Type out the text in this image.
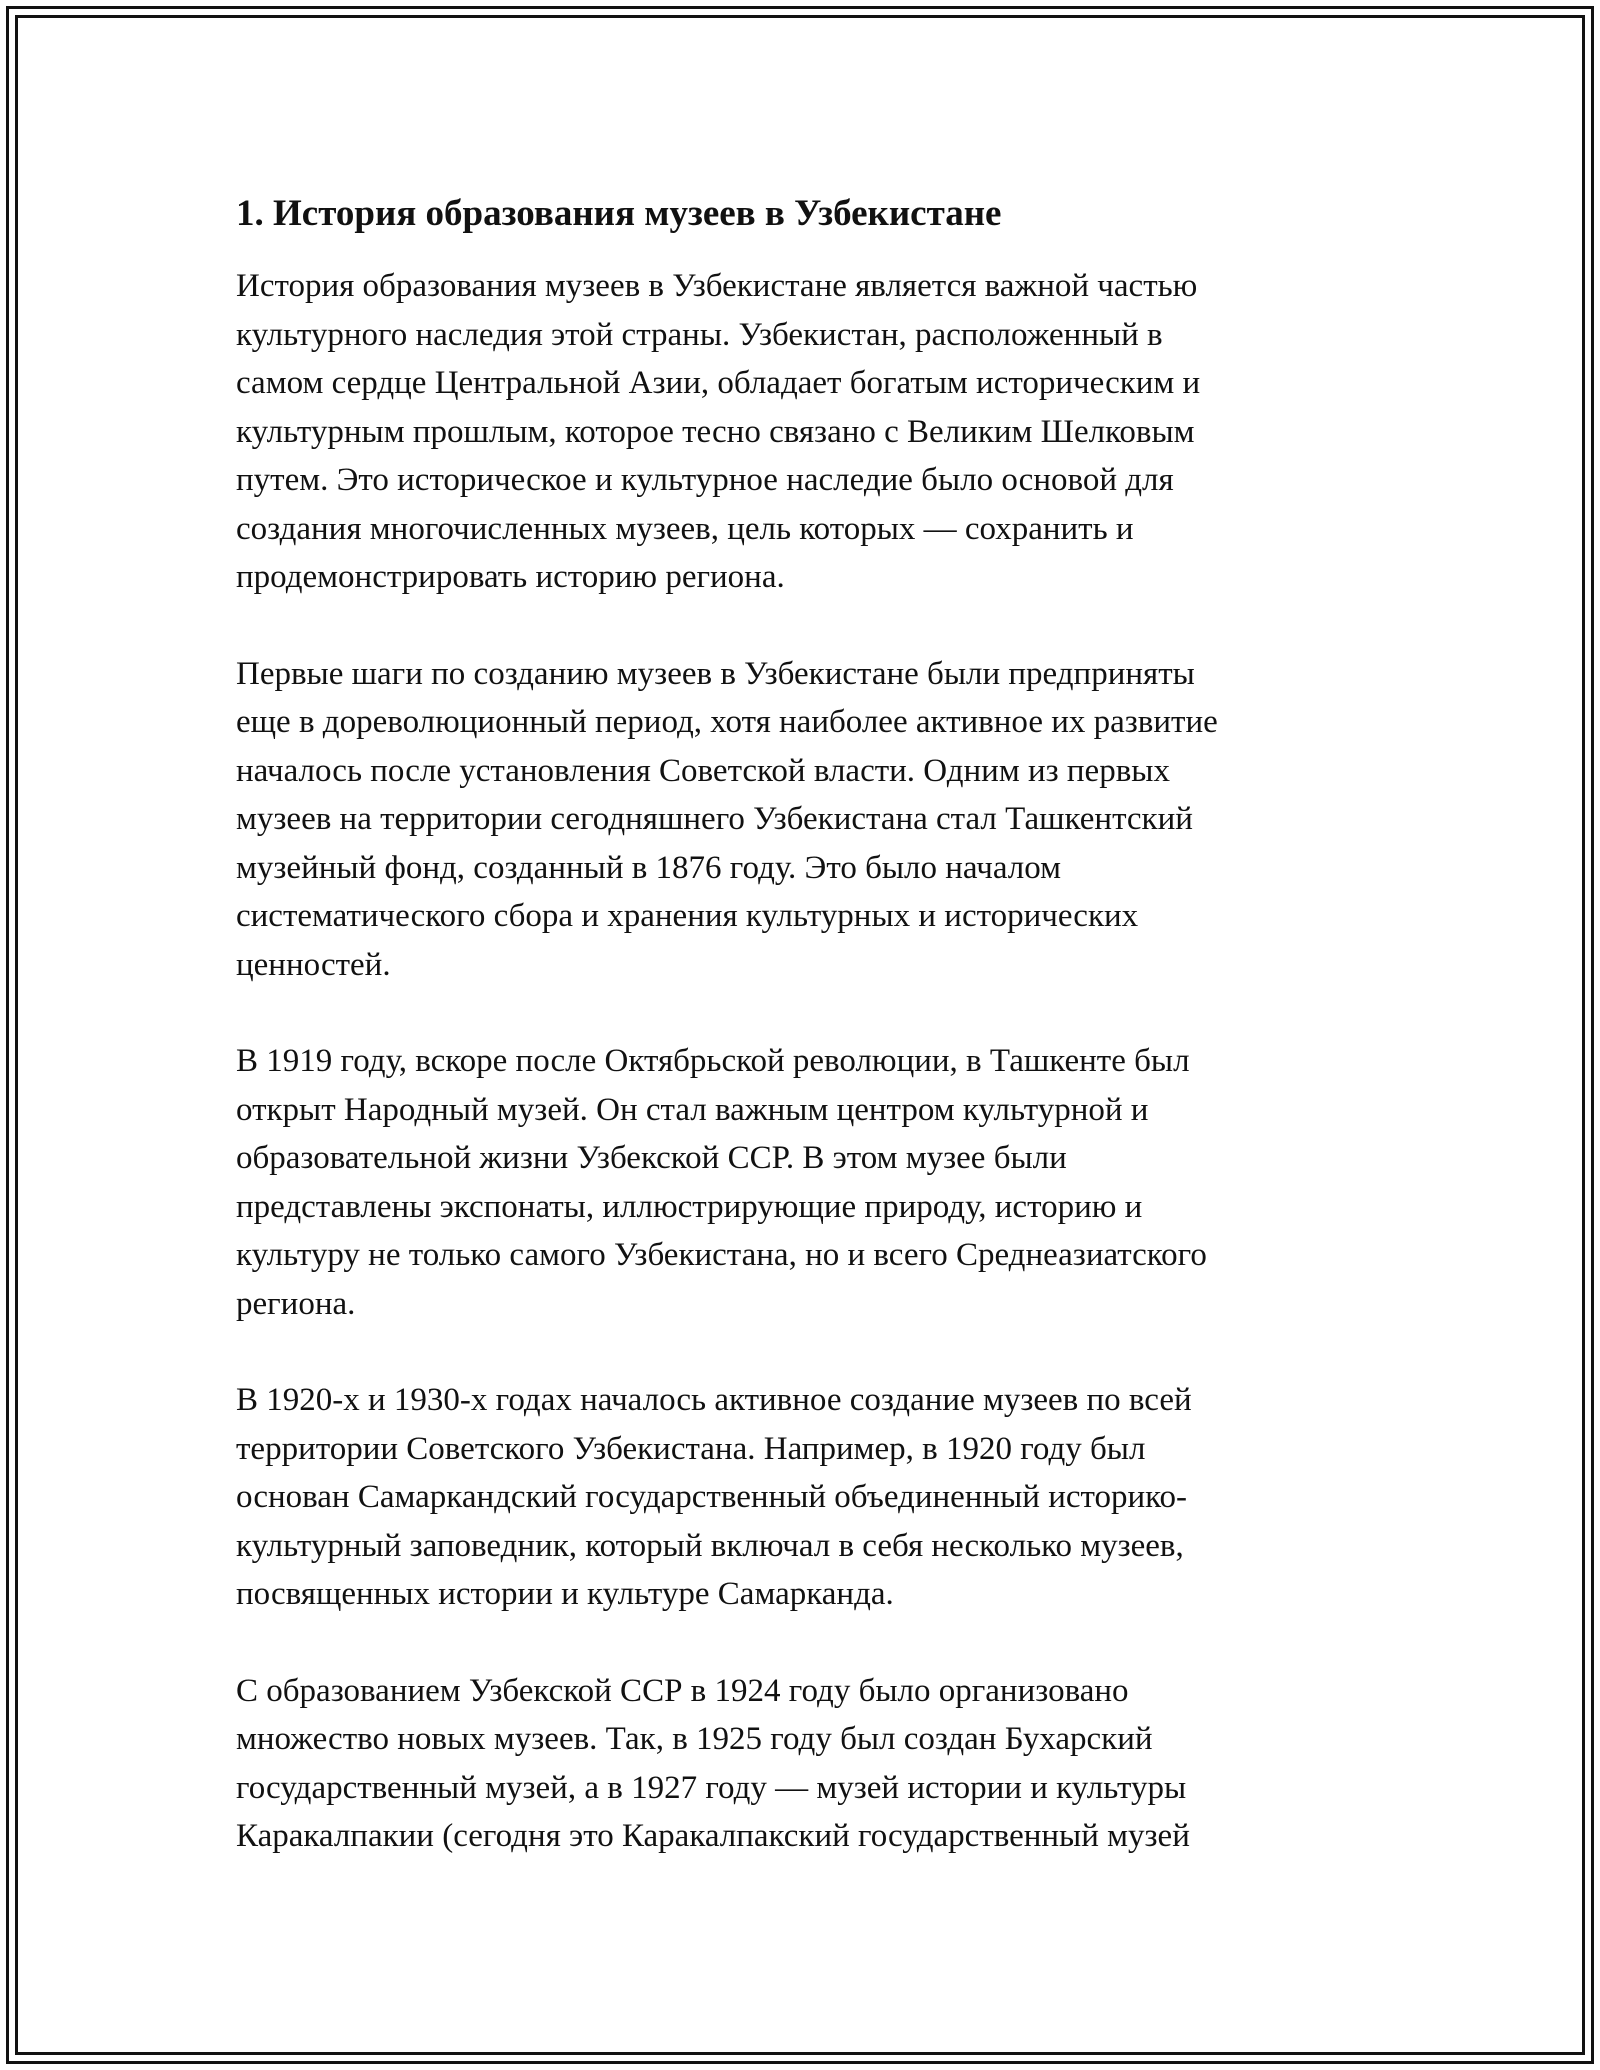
1. История образования музеев в Узбекистане

История образования музеев в Узбекистане является важной частью
культурного наследия этой страны. Узбекистан, расположенный в
самом сердце Центральной Азии, обладает богатым историческим и
культурным прошлым, которое тесно связано с Великим Шелковым
путем. Это историческое и культурное наследие было основой для
создания многочисленных музеев, цель которых — сохранить и
продемонстрировать историю региона.

Первые шаги по созданию музеев в Узбекистане были предприняты
еще в дореволюционный период, хотя наиболее активное их развитие
началось после установления Советской власти. Одним из первых
музеев на территории сегодняшнего Узбекистана стал Ташкентский
музейный фонд, созданный в 1876 году. Это было началом
систематического сбора и хранения культурных и исторических
ценностей.

В 1919 году, вскоре после Октябрьской революции, в Ташкенте был
открыт Народный музей. Он стал важным центром культурной и
образовательной жизни Узбекской ССР. В этом музее были
представлены экспонаты, иллюстрирующие природу, историю и
культуру не только самого Узбекистана, но и всего Среднеазиатского
региона.

В 1920-х и 1930-х годах началось активное создание музеев по всей
территории Советского Узбекистана. Например, в 1920 году был
основан Самаркандский государственный объединенный историко-
культурный заповедник, который включал в себя несколько музеев,
посвященных истории и культуре Самарканда.

С образованием Узбекской ССР в 1924 году было организовано
множество новых музеев. Так, в 1925 году был создан Бухарский
государственный музей, а в 1927 году — музей истории и культуры
Каракалпакии (сегодня это Каракалпакский государственный музей
